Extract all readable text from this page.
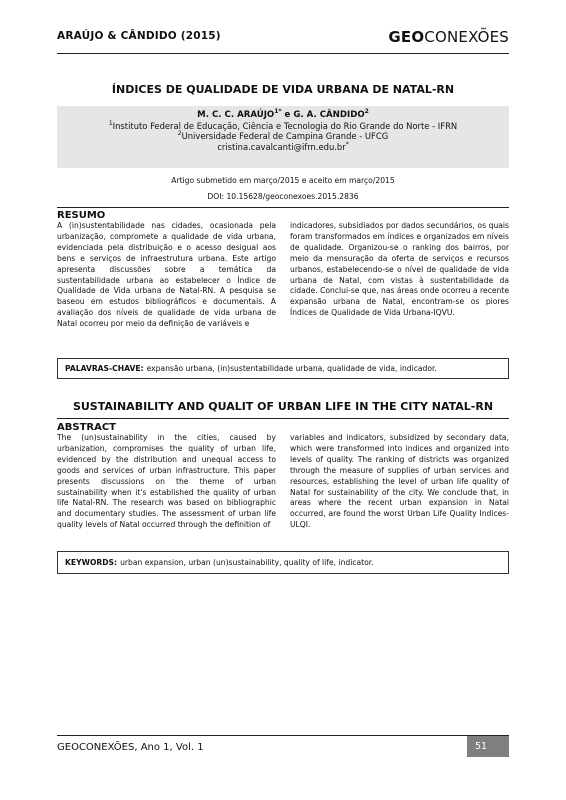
ARAÚJO & CÂNDIDO (2015)	GEOCONEXÕES
ÍNDICES DE QUALIDADE DE VIDA URBANA DE NATAL-RN
M. C. C. $ARAÚJO^{1*}$ e G. A. CÂNDIDO$^2$
$^1$Instituto Federal de Educação, Ciência e Tecnologia do Rio Grande do Norte - IFRN
$^2$Universidade Federal de Campina Grande - UFCG
cristina.cavalcanti@ifrn.edu.br*
Artigo submetido em março/2015 e aceito em março/2015
DOI: 10.15628/geoconexoes.2015.2836
RESUMO
A (in)sustentabilidade nas cidades, ocasionada pela urbanização, compromete a qualidade de vida urbana, evidenciada pela distribuição e o acesso desigual aos bens e serviços de infraestrutura urbana. Este artigo apresenta discussões sobre a temática da sustentabilidade urbana ao estabelecer o Índice de Qualidade de Vida urbana de Natal-RN. A pesquisa se baseou em estudos bibliográficos e documentais. A avaliação dos níveis de qualidade de vida urbana de Natal ocorreu por meio da definição de variáveis e
indicadores, subsidiados por dados secundários, os quais foram transformados em índices e organizados em níveis de qualidade. Organizou-se o ranking dos bairros, por meio da mensuração da oferta de serviços e recursos urbanos, estabelecendo-se o nível de qualidade de vida urbana de Natal, com vistas à sustentabilidade da cidade. Conclui-se que, nas áreas onde ocorreu a recente expansão urbana de Natal, encontram-se os piores Índices de Qualidade de Vida Urbana-IQVU.
PALAVRAS-CHAVE: expansão urbana, (in)sustentabilidade urbana, qualidade de vida, indicador.
SUSTAINABILITY AND QUALIT OF URBAN LIFE IN THE CITY NATAL-RN
ABSTRACT
The (un)sustainability in the cities, caused by urbanization, compromises the quality of urban life, evidenced by the distribution and unequal access to goods and services of urban infrastructure. This paper presents discussions on the theme of urban sustainability when it's established the quality of urban life Natal-RN. The research was based on bibliographic and documentary studies. The assessment of urban life quality levels of Natal occurred through the definition of
variables and indicators, subsidized by secondary data, which were transformed into indices and organized into levels of quality. The ranking of districts was organized through the measure of supplies of urban services and resources, establishing the level of urban life quality of Natal for sustainability of the city. We conclude that, in areas where the recent urban expansion in Natal occurred, are found the worst Urban Life Quality Indices-ULQI.
KEYWORDS: urban expansion, urban (un)sustainability, quality of life, indicator.
GEOCONEXÕES, Ano 1, Vol. 1	51
